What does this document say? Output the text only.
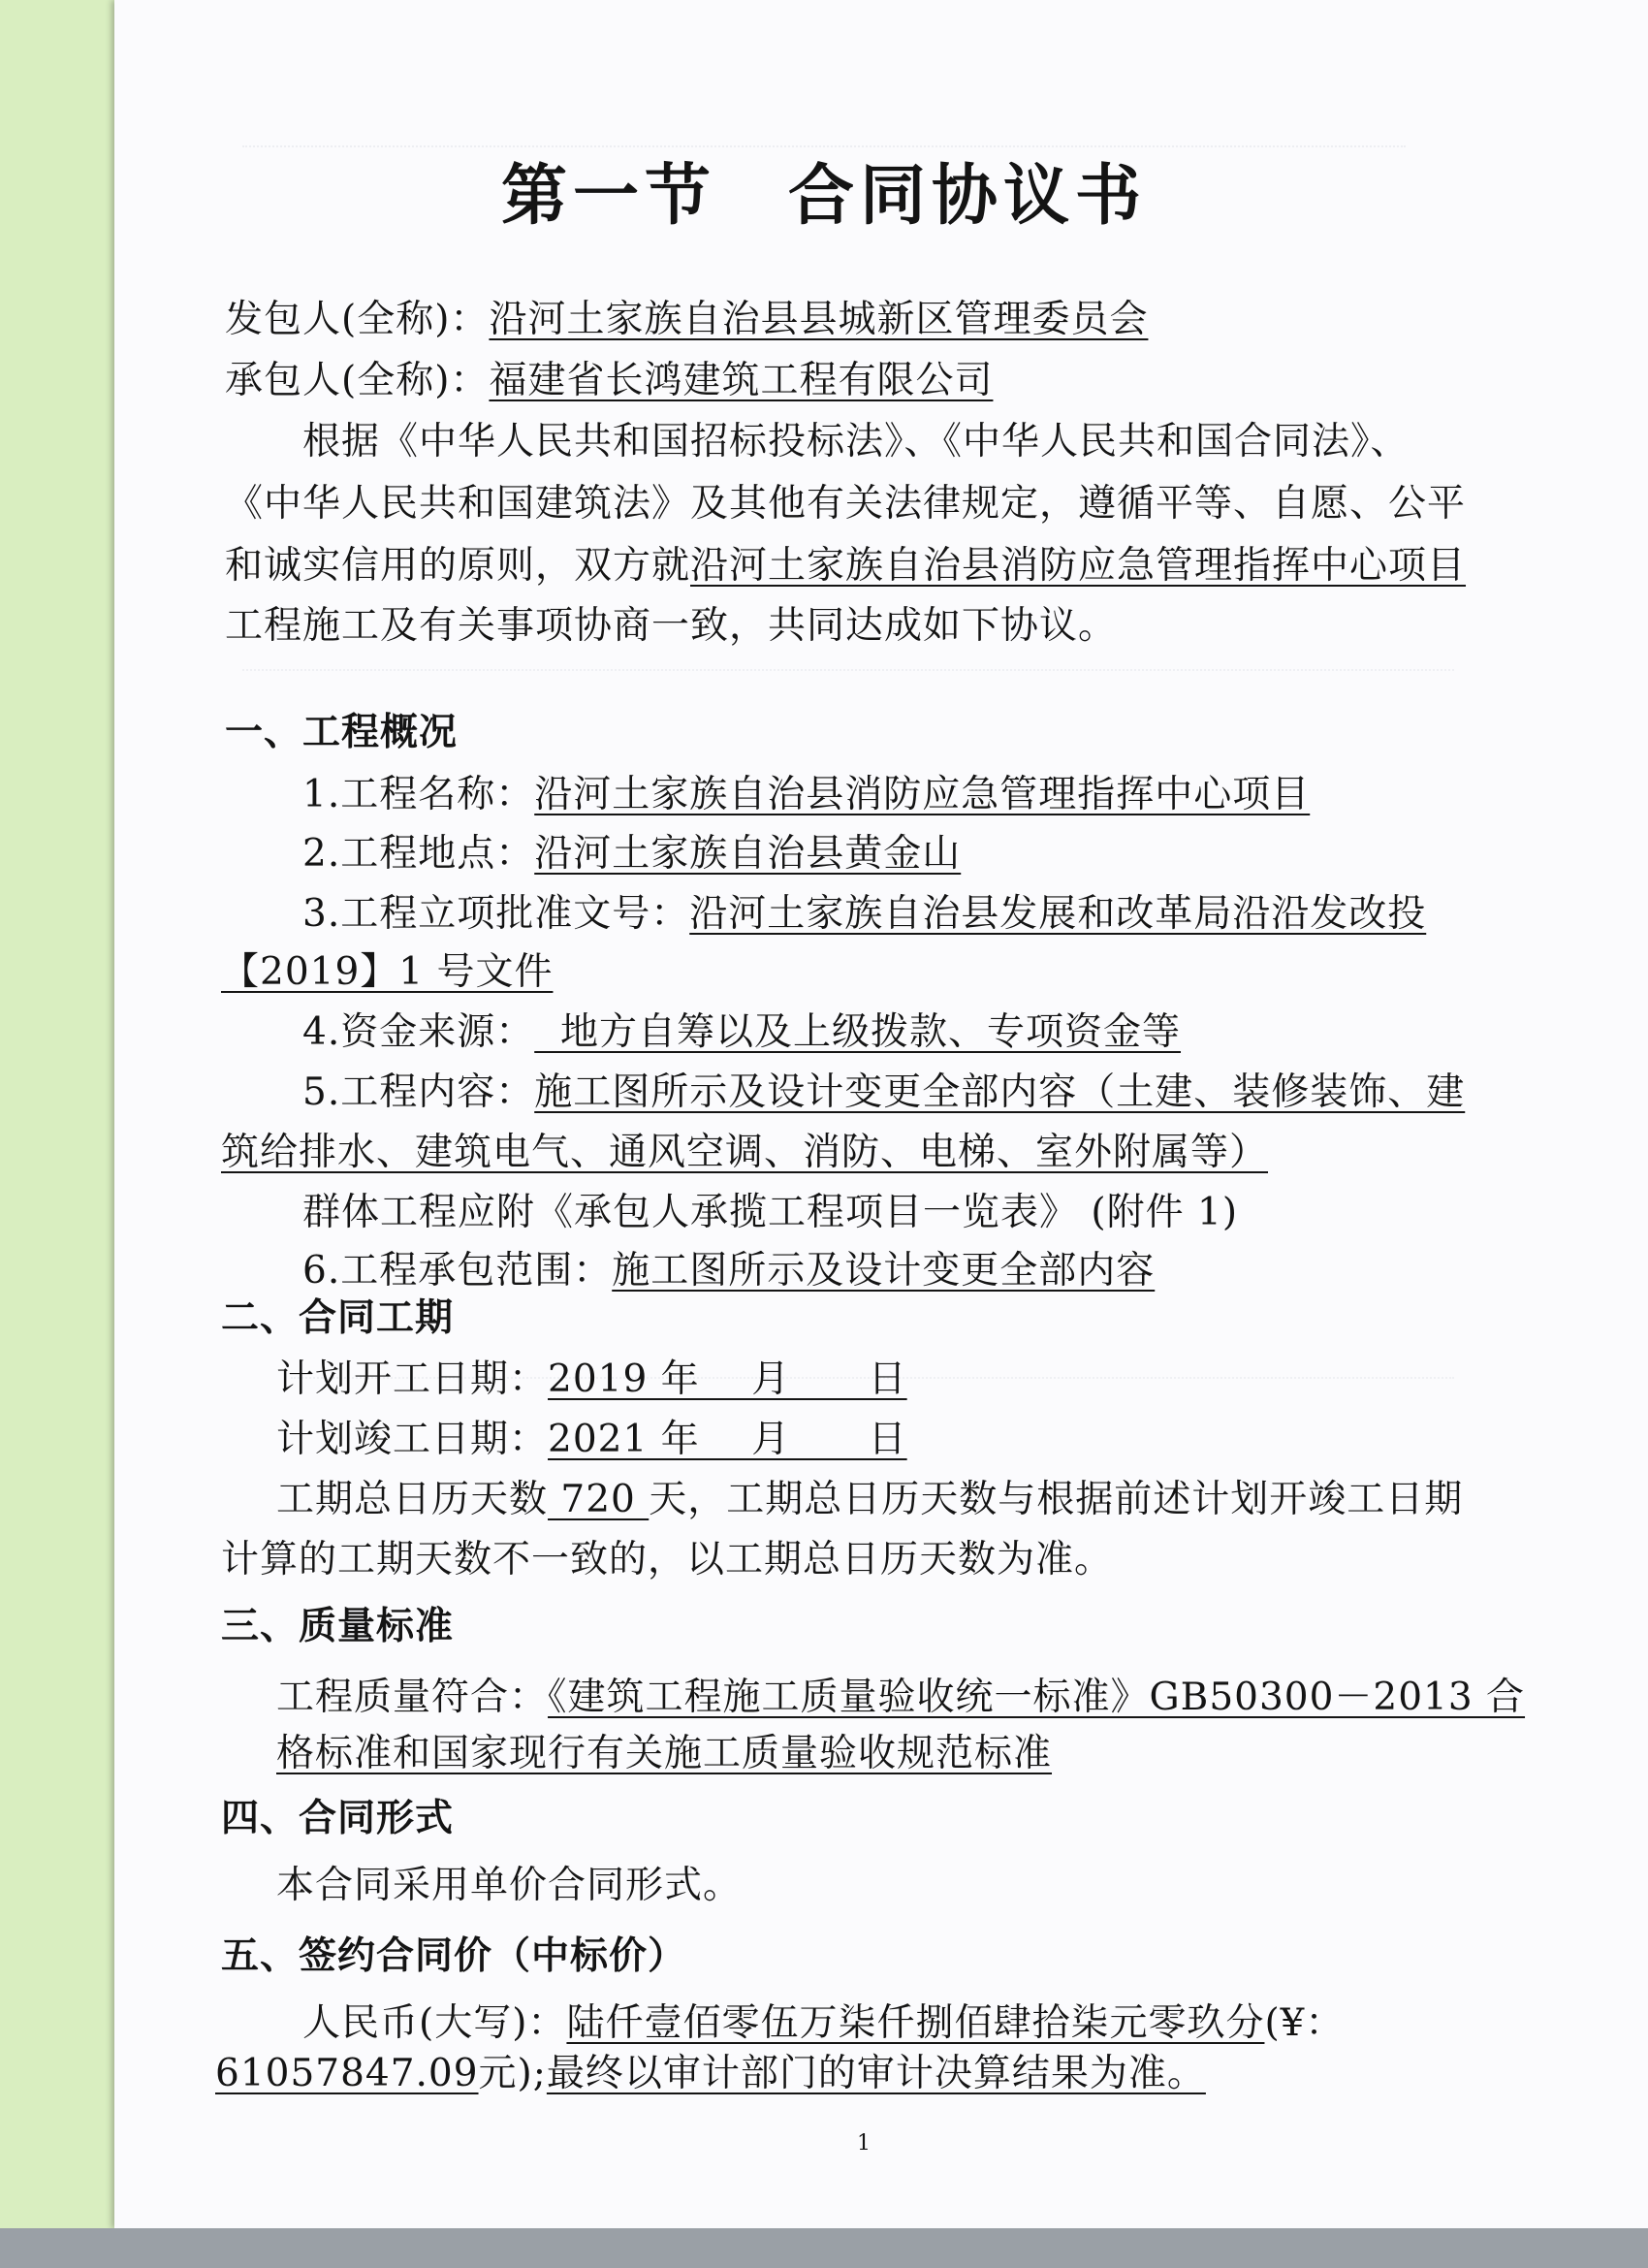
第一节　合同协议书
发包人(全称)：沿河土家族自治县县城新区管理委员会
承包人(全称)：福建省长鸿建筑工程有限公司
根据《中华人民共和国招标投标法》、《中华人民共和国合同法》、
《中华人民共和国建筑法》及其他有关法律规定，遵循平等、自愿、公平
和诚实信用的原则，双方就沿河土家族自治县消防应急管理指挥中心项目
工程施工及有关事项协商一致，共同达成如下协议。
一、工程概况
1.工程名称：沿河土家族自治县消防应急管理指挥中心项目
2.工程地点：沿河土家族自治县黄金山
3.工程立项批准文号：沿河土家族自治县发展和改革局沿沿发改投
【2019】1 号文件
4.资金来源：  地方自筹以及上级拨款、专项资金等
5.工程内容：施工图所示及设计变更全部内容（土建、装修装饰、建
筑给排水、建筑电气、通风空调、消防、电梯、室外附属等）
群体工程应附《承包人承揽工程项目一览表》 (附件 1)
6.工程承包范围：施工图所示及设计变更全部内容
二、合同工期
计划开工日期：2019 年    月      日
计划竣工日期：2021 年    月      日
工期总日历天数 720 天，工期总日历天数与根据前述计划开竣工日期
计算的工期天数不一致的，以工期总日历天数为准。
三、质量标准
工程质量符合：《建筑工程施工质量验收统一标准》GB50300－2013 合
格标准和国家现行有关施工质量验收规范标准
四、合同形式
本合同采用单价合同形式。
五、签约合同价（中标价）
人民币(大写)：陆仟壹佰零伍万柒仟捌佰肆拾柒元零玖分(¥：
61057847.09元);最终以审计部门的审计决算结果为准。
1
